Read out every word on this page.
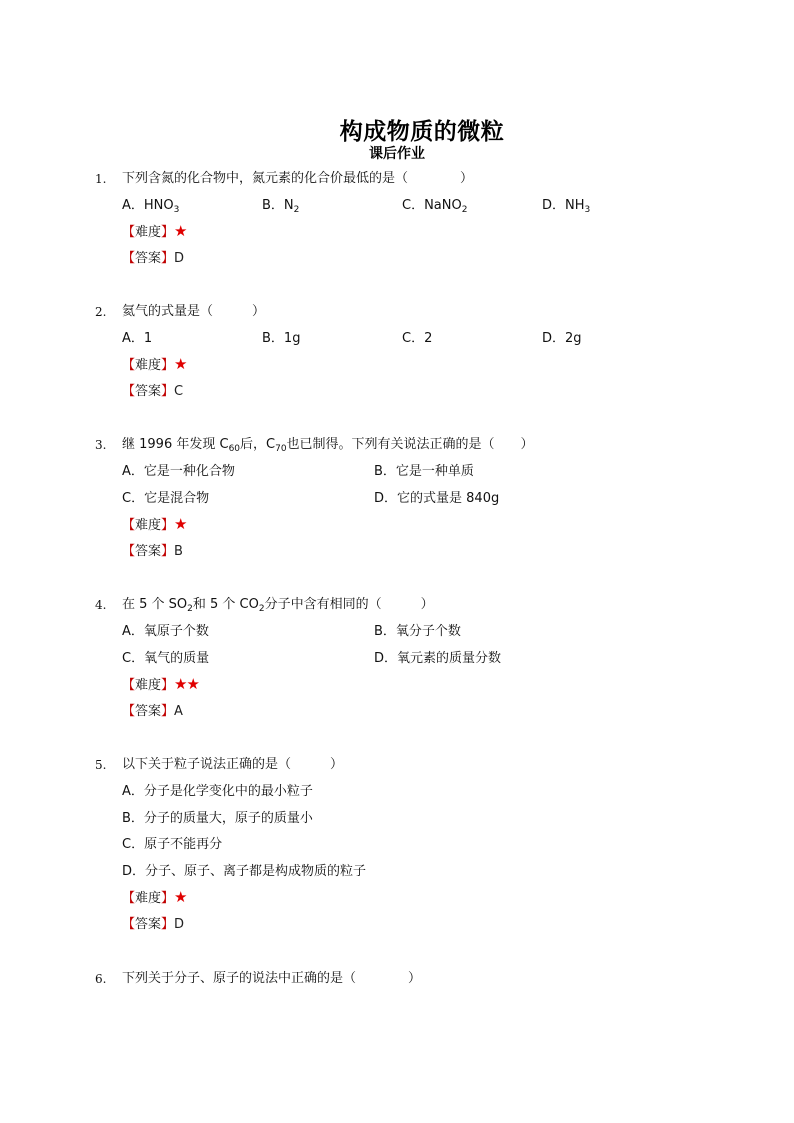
构成物质的微粒
课后作业
1.	下列含氮的化合物中，氮元素的化合价最低的是（　　　　）
A．$HNO_3$	B．$N_2$	C．NaNO$_2$	D．$NH_3$
【难度】★
【答案】D
2.	氦气的式量是（　　　）
A．1	B．1g	C．2	D．2g
【难度】★
【答案】C
3.	继 1996 年发现 $C_{60}$后，$C_{70}$也已制得。下列有关说法正确的是（　　）
A．它是一种化合物	B．它是一种单质
C．它是混合物	D．它的式量是 840g
【难度】★
【答案】B
4.	在 5 个 $SO_2$和 5 个 $CO_2$分子中含有相同的（　　　）
A．氧原子个数	B．氧分子个数
C．氧气的质量	D．氧元素的质量分数
【难度】★★
【答案】A
5.	以下关于粒子说法正确的是（　　　）
A．分子是化学变化中的最小粒子
B．分子的质量大，原子的质量小
C．原子不能再分
D．分子、原子、离子都是构成物质的粒子
【难度】★
【答案】D
6.	下列关于分子、原子的说法中正确的是（　　　　）
